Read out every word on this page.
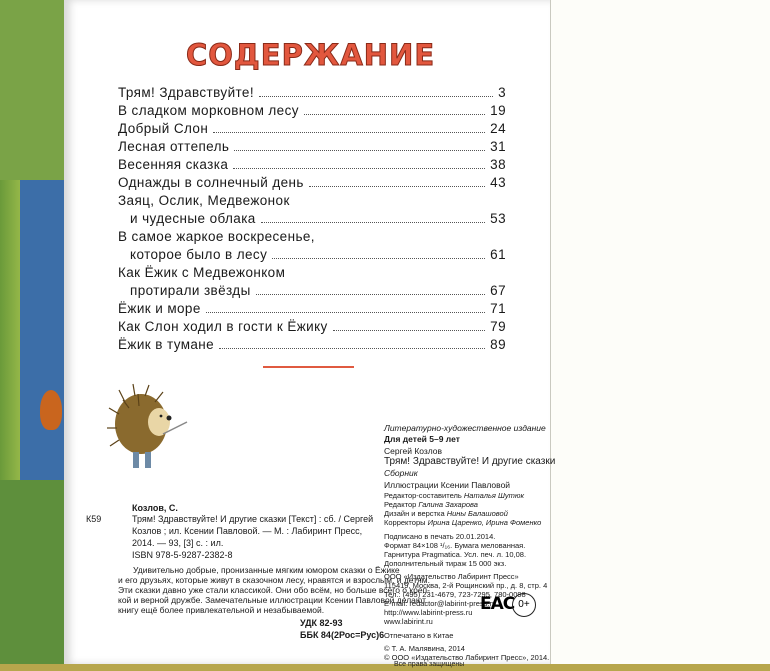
СОДЕРЖАНИЕ
Трям! Здравствуйте!	3
В сладком морковном лесу	19
Добрый Слон	24
Лесная оттепель	31
Весенняя сказка	38
Однажды в солнечный день	43
Заяц, Ослик, Медвежонок
и чудесные облака	53
В самое жаркое воскресенье,
которое было в лесу	61
Как Ёжик с Медвежонком
протирали звёзды	67
Ёжик и море	71
Как Слон ходил в гости к Ёжику	79
Ёжик в тумане	89
Козлов, С.
К59	Трям! Здравствуйте! И другие сказки [Текст] : сб. / Сергей
Козлов ; ил. Ксении Павловой. — М. : Лабиринт Пресс,
2014. — 93, [3] с. : ил.
ISBN 978-5-9287-2382-8
Удивительно добрые, пронизанные мягким юмором сказки о Ёжике
и его друзьях, которые живут в сказочном лесу, нравятся и взрослым, и детям.
Эти сказки давно уже стали классикой. Они обо всём, но больше всего о креп-
кой и верной дружбе. Замечательные иллюстрации Ксении Павловой делают
книгу ещё более привлекательной и незабываемой.
УДК 82-93
ББК 84(2Рос=Рус)6
Литературно-художественное издание
Для детей 5–9 лет
Сергей Козлов
Трям! Здравствуйте! И другие сказки
Сборник
Иллюстрации Ксении Павловой
Редактор-составитель Наталья Шутюк
Редактор Галина Захарова
Дизайн и верстка Нины Балашовой
Корректоры Ирина Царенко, Ирина Фоменко
Подписано в печать 20.01.2014.
Формат 84×108 ¹/₁₆. Бумага мелованная.
Гарнитура Pragmatica. Усл. печ. л. 10,08.
Дополнительный тираж 15 000 экз.
ООО «Издательство Лабиринт Пресс»
115419, Москва, 2-й Рощинский пр., д. 8, стр. 4
Тел.: (495) 231-4679, 723-7295, 780-0098
E-mail: redactor@labirint-press.ru
http://www.labirint-press.ru
www.labirint.ru
Отпечатано в Китае
ЕАС 0+
© Т. А. Малявина, 2014
© ООО «Издательство Лабиринт Пресс», 2014.
Все права защищены
